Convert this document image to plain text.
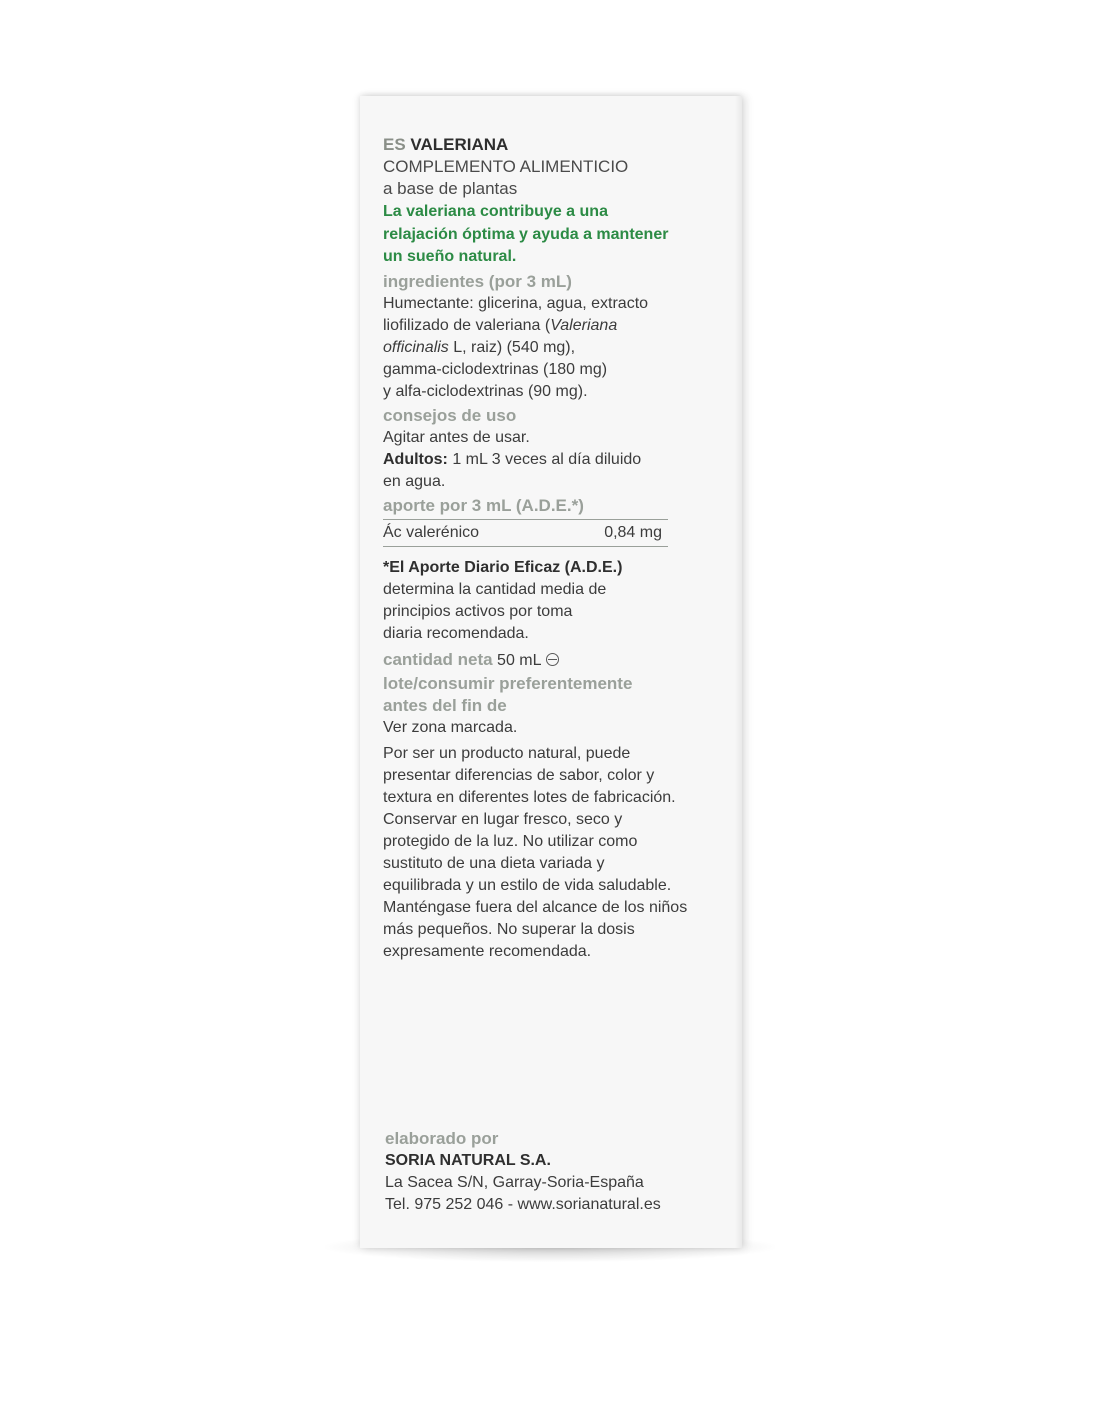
ES VALERIANA

COMPLEMENTO ALIMENTICIO

a base de plantas

La valeriana contribuye a una

relajación óptima y ayuda a mantener

un sueño natural.

ingredientes (por 3 mL)

Humectante: glicerina, agua, extracto

liofilizado de valeriana (Valeriana

officinalis L, raiz) (540 mg),

gamma-ciclodextrinas (180 mg)

y alfa-ciclodextrinas (90 mg).

consejos de uso

Agitar antes de usar.

Adultos: 1 mL 3 veces al día diluido

en agua.

aporte por 3 mL (A.D.E.*)

Ác valerénico	0,84 mg

*El Aporte Diario Eficaz (A.D.E.)

determina la cantidad media de

principios activos por toma

diaria recomendada.

cantidad neta 50 mL

lote/consumir preferentemente

antes del fin de

Ver zona marcada.

Por ser un producto natural, puede

presentar diferencias de sabor, color y

textura en diferentes lotes de fabricación.

Conservar en lugar fresco, seco y

protegido de la luz. No utilizar como

sustituto de una dieta variada y

equilibrada y un estilo de vida saludable.

Manténgase fuera del alcance de los niños

más pequeños. No superar la dosis

expresamente recomendada.

elaborado por

SORIA NATURAL S.A.

La Sacea S/N, Garray-Soria-España

Tel. 975 252 046 - www.sorianatural.es
